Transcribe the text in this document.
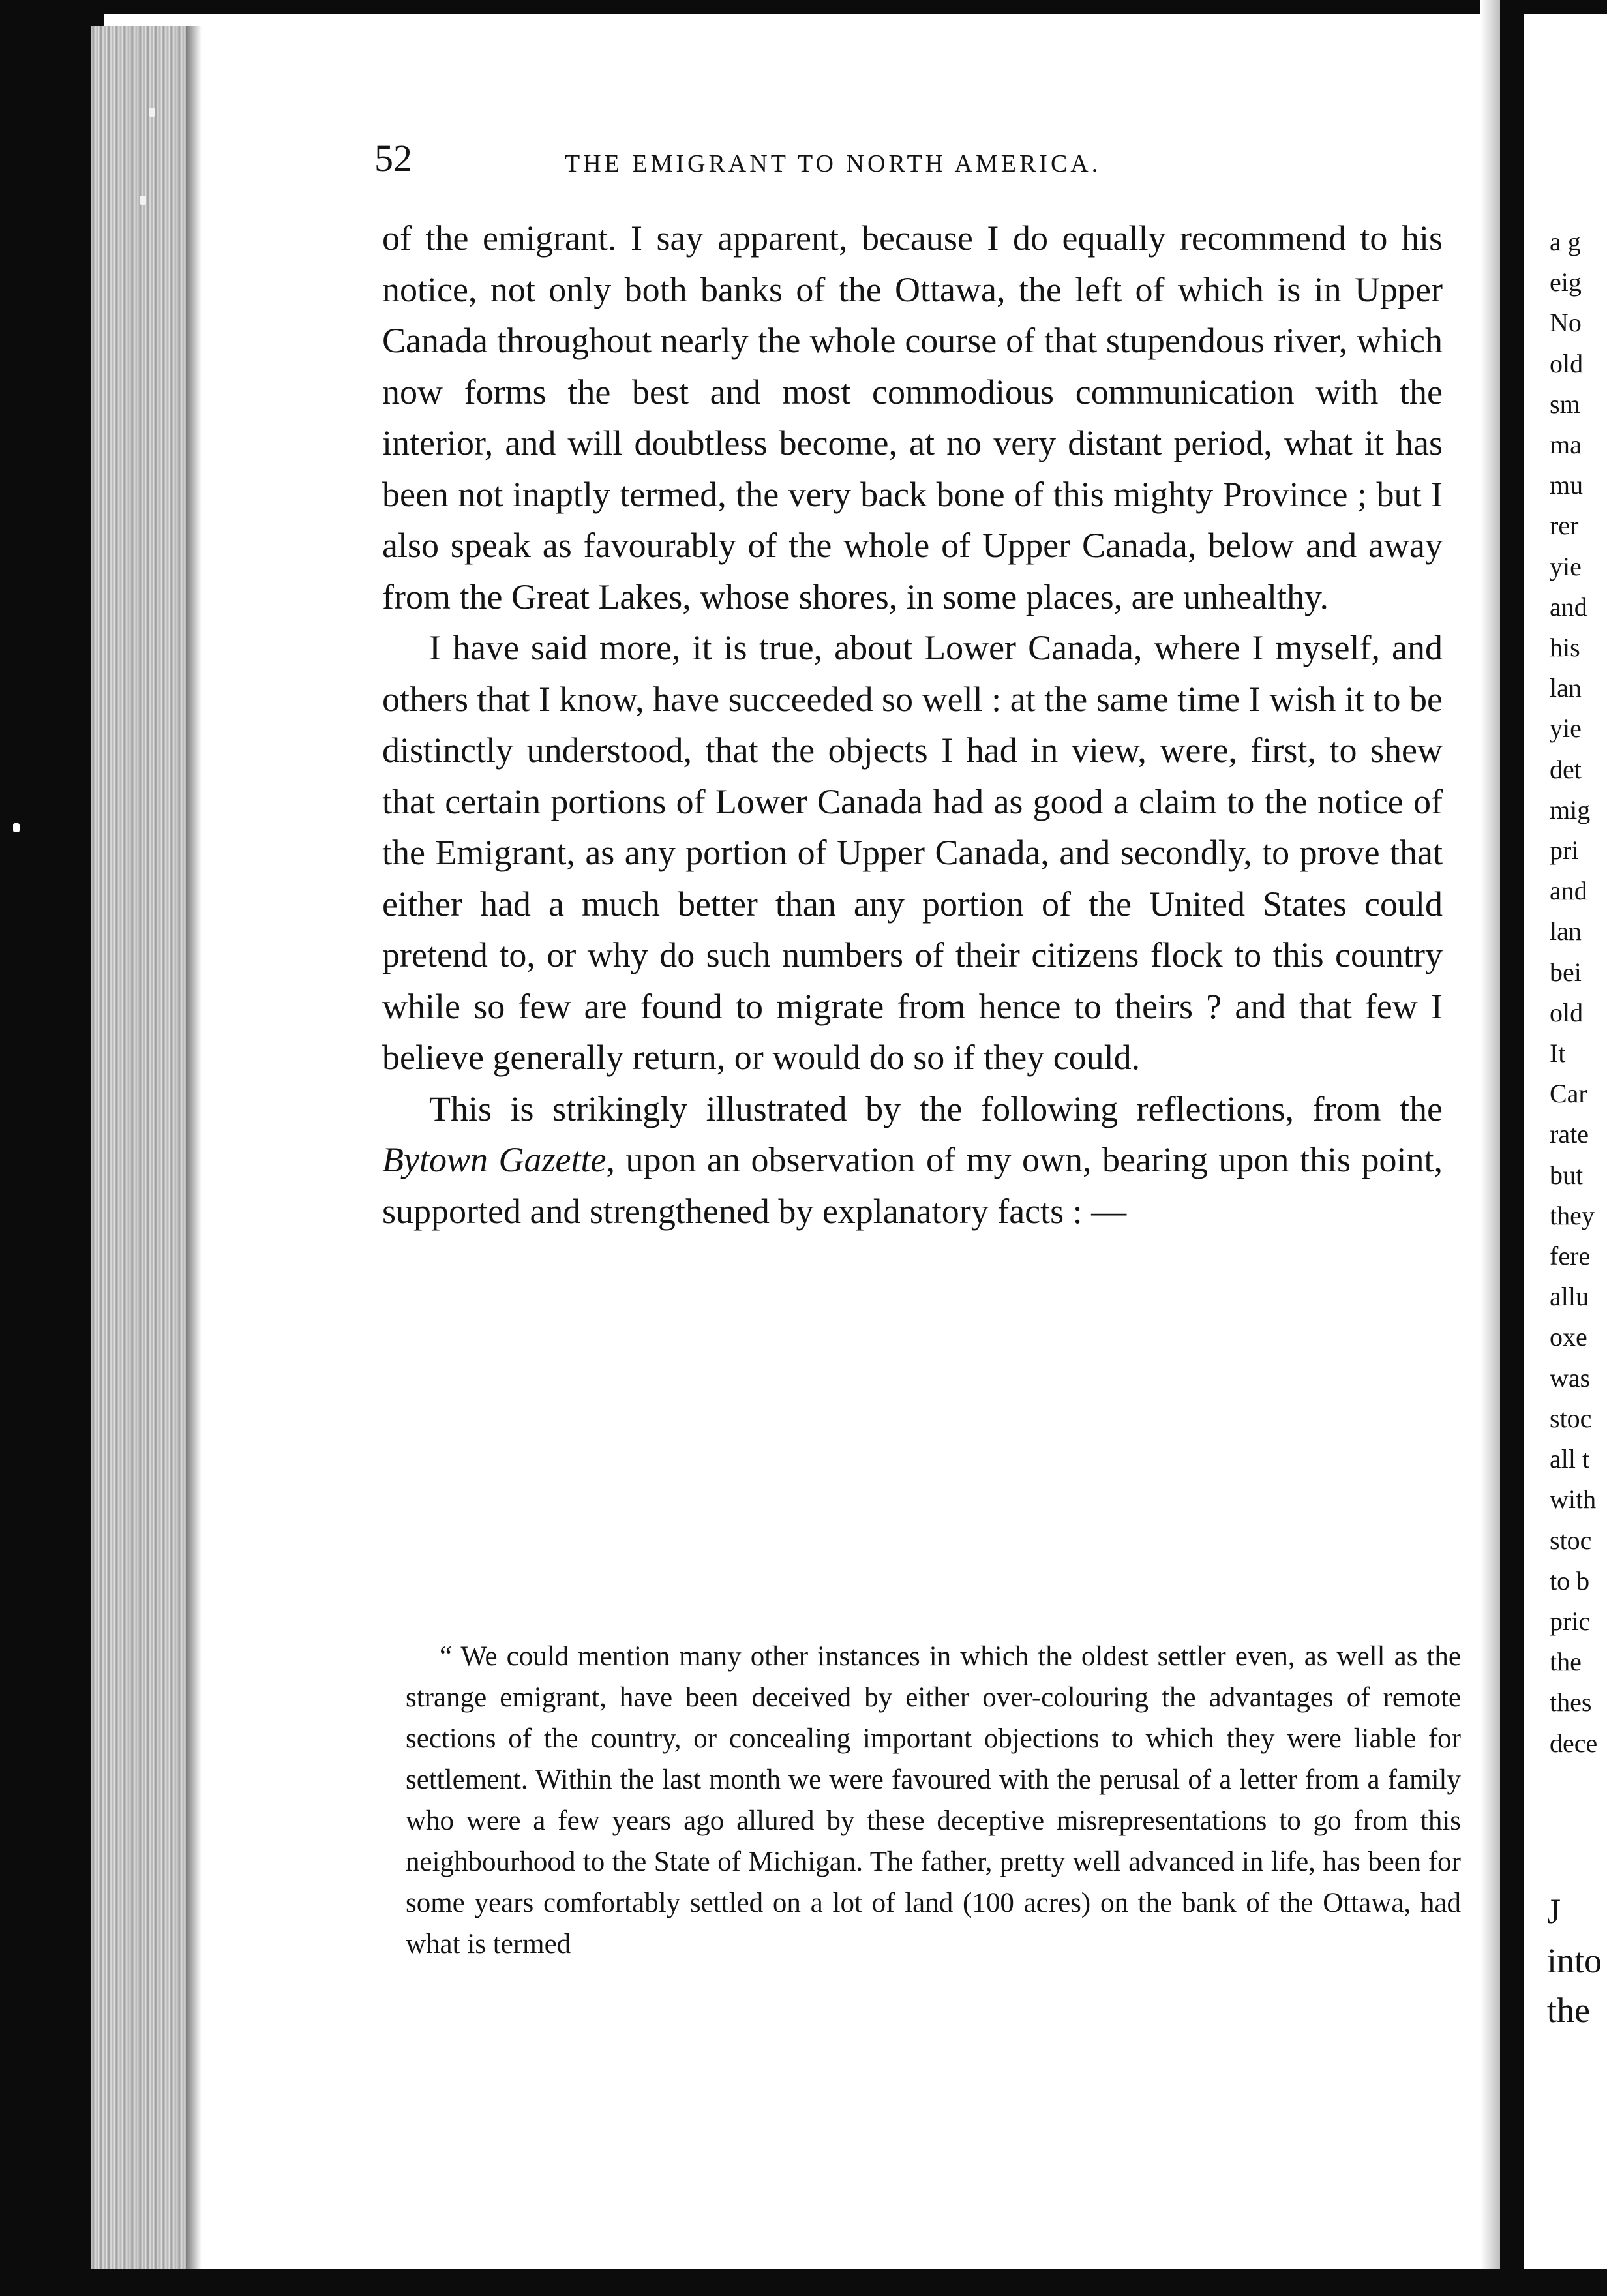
52	THE EMIGRANT TO NORTH AMERICA.

of the emigrant. I say apparent, because I do equally recommend to his notice, not only both banks of the Ottawa, the left of which is in Upper Canada throughout nearly the whole course of that stupendous river, which now forms the best and most commodious communication with the interior, and will doubtless become, at no very distant period, what it has been not inaptly termed, the very back bone of this mighty Province ; but I also speak as favourably of the whole of Upper Canada, below and away from the Great Lakes, whose shores, in some places, are unhealthy.

I have said more, it is true, about Lower Canada, where I myself, and others that I know, have succeeded so well : at the same time I wish it to be distinctly understood, that the objects I had in view, were, first, to shew that certain portions of Lower Canada had as good a claim to the notice of the Emigrant, as any portion of Upper Canada, and secondly, to prove that either had a much better than any portion of the United States could pretend to, or why do such numbers of their citizens flock to this country while so few are found to migrate from hence to theirs ? and that few I believe generally return, or would do so if they could.

This is strikingly illustrated by the following reflections, from the Bytown Gazette, upon an observation of my own, bearing upon this point, supported and strengthened by explanatory facts : —

“ We could mention many other instances in which the oldest settler even, as well as the strange emigrant, have been deceived by either over-colouring the advantages of remote sections of the country, or concealing important objections to which they were liable for settlement. Within the last month we were favoured with the perusal of a letter from a family who were a few years ago allured by these deceptive misrepresentations to go from this neighbourhood to the State of Michigan. The father, pretty well advanced in life, has been for some years comfortably settled on a lot of land (100 acres) on the bank of the Ottawa, had what is termed

a g
eig
No
old
sm
ma
mu
rer
yie
and
his
lan
yie
det
mig
pri
and
lan
bei
old
It
Car
rate
but
they
fere
allu
oxe
was
stoc
all t
with
stoc
to b
pric
the
thes
dece
J
into
the
